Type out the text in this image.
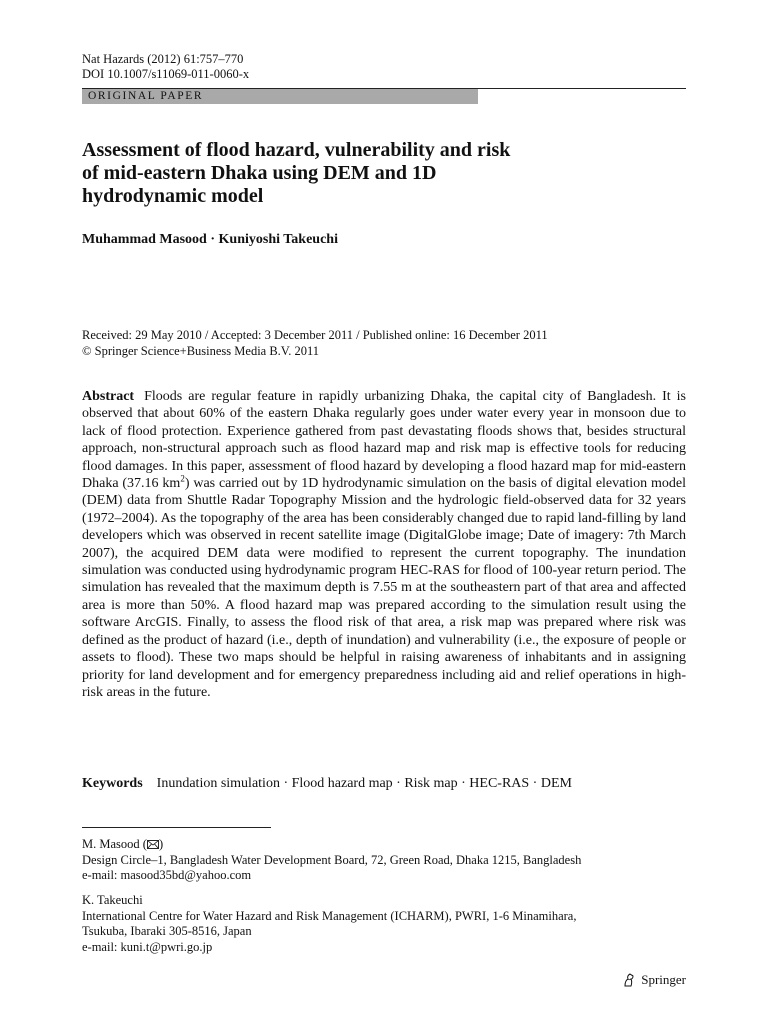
Nat Hazards (2012) 61:757–770
DOI 10.1007/s11069-011-0060-x
ORIGINAL PAPER
Assessment of flood hazard, vulnerability and risk
of mid-eastern Dhaka using DEM and 1D
hydrodynamic model
Muhammad Masood · Kuniyoshi Takeuchi
Received: 29 May 2010 / Accepted: 3 December 2011 / Published online: 16 December 2011
© Springer Science+Business Media B.V. 2011
Abstract Floods are regular feature in rapidly urbanizing Dhaka, the capital city of Bangladesh. It is observed that about 60% of the eastern Dhaka regularly goes under water every year in monsoon due to lack of flood protection. Experience gathered from past devastating floods shows that, besides structural approach, non-structural approach such as flood hazard map and risk map is effective tools for reducing flood damages. In this paper, assessment of flood hazard by developing a flood hazard map for mid-eastern Dhaka (37.16 $km^2$) was carried out by 1D hydrodynamic simulation on the basis of digital elevation model (DEM) data from Shuttle Radar Topography Mission and the hydrologic field-observed data for 32 years (1972–2004). As the topography of the area has been considerably changed due to rapid land-filling by land developers which was observed in recent satellite image (DigitalGlobe image; Date of imagery: 7th March 2007), the acquired DEM data were modified to represent the current topography. The inundation simulation was conducted using hydrodynamic program HEC-RAS for flood of 100-year return period. The simulation has revealed that the maximum depth is 7.55 m at the southeastern part of that area and affected area is more than 50%. A flood hazard map was prepared according to the simulation result using the software ArcGIS. Finally, to assess the flood risk of that area, a risk map was prepared where risk was defined as the product of hazard (i.e., depth of inundation) and vulnerability (i.e., the exposure of people or assets to flood). These two maps should be helpful in raising awareness of inhabitants and in assigning priority for land development and for emergency preparedness including aid and relief operations in high-risk areas in the future.
Keywords Inundation simulation · Flood hazard map · Risk map · HEC-RAS · DEM
M. Masood ( )
Design Circle–1, Bangladesh Water Development Board, 72, Green Road, Dhaka 1215, Bangladesh
e-mail: masood35bd@yahoo.com
K. Takeuchi
International Centre for Water Hazard and Risk Management (ICHARM), PWRI, 1-6 Minamihara,
Tsukuba, Ibaraki 305-8516, Japan
e-mail: kuni.t@pwri.go.jp
Springer
